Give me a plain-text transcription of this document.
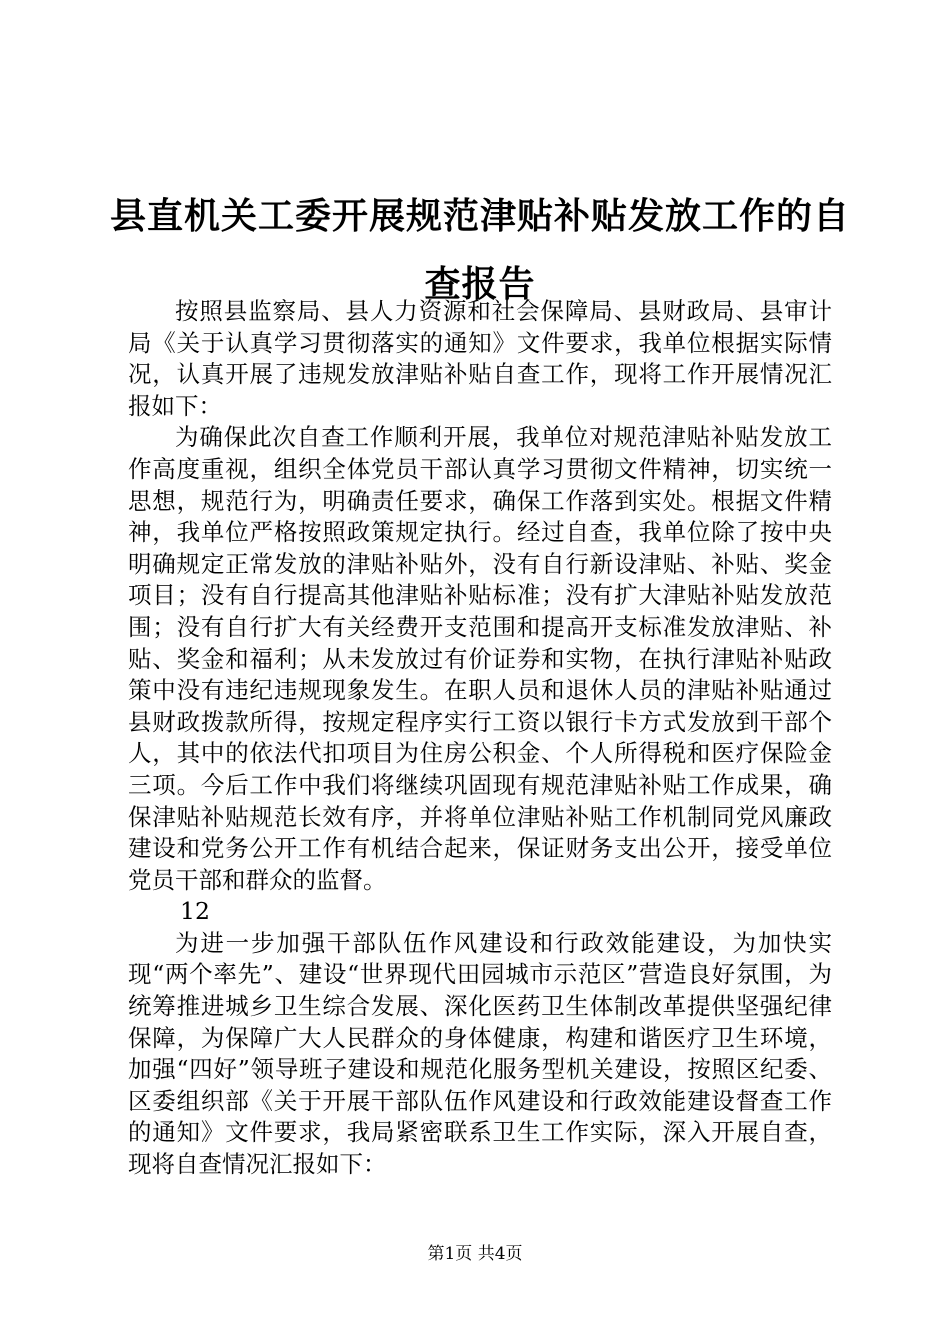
县直机关工委开展规范津贴补贴发放工作的自查报告

按照县监察局、县人力资源和社会保障局、县财政局、县审计局《关于认真学习贯彻落实的通知》文件要求，我单位根据实际情况，认真开展了违规发放津贴补贴自查工作，现将工作开展情况汇报如下：

为确保此次自查工作顺利开展，我单位对规范津贴补贴发放工作高度重视，组织全体党员干部认真学习贯彻文件精神，切实统一思想，规范行为，明确责任要求，确保工作落到实处。根据文件精神，我单位严格按照政策规定执行。经过自查，我单位除了按中央明确规定正常发放的津贴补贴外，没有自行新设津贴、补贴、奖金项目；没有自行提高其他津贴补贴标准；没有扩大津贴补贴发放范围；没有自行扩大有关经费开支范围和提高开支标准发放津贴、补贴、奖金和福利；从未发放过有价证券和实物，在执行津贴补贴政策中没有违纪违规现象发生。在职人员和退休人员的津贴补贴通过县财政拨款所得，按规定程序实行工资以银行卡方式发放到干部个人，其中的依法代扣项目为住房公积金、个人所得税和医疗保险金三项。今后工作中我们将继续巩固现有规范津贴补贴工作成果，确保津贴补贴规范长效有序，并将单位津贴补贴工作机制同党风廉政建设和党务公开工作有机结合起来，保证财务支出公开，接受单位党员干部和群众的监督。

12

为进一步加强干部队伍作风建设和行政效能建设，为加快实现“两个率先”、建设“世界现代田园城市示范区”营造良好氛围，为统筹推进城乡卫生综合发展、深化医药卫生体制改革提供坚强纪律保障，为保障广大人民群众的身体健康，构建和谐医疗卫生环境，加强“四好”领导班子建设和规范化服务型机关建设，按照区纪委、区委组织部《关于开展干部队伍作风建设和行政效能建设督查工作的通知》文件要求，我局紧密联系卫生工作实际，深入开展自查，现将自查情况汇报如下：

第1页 共4页
